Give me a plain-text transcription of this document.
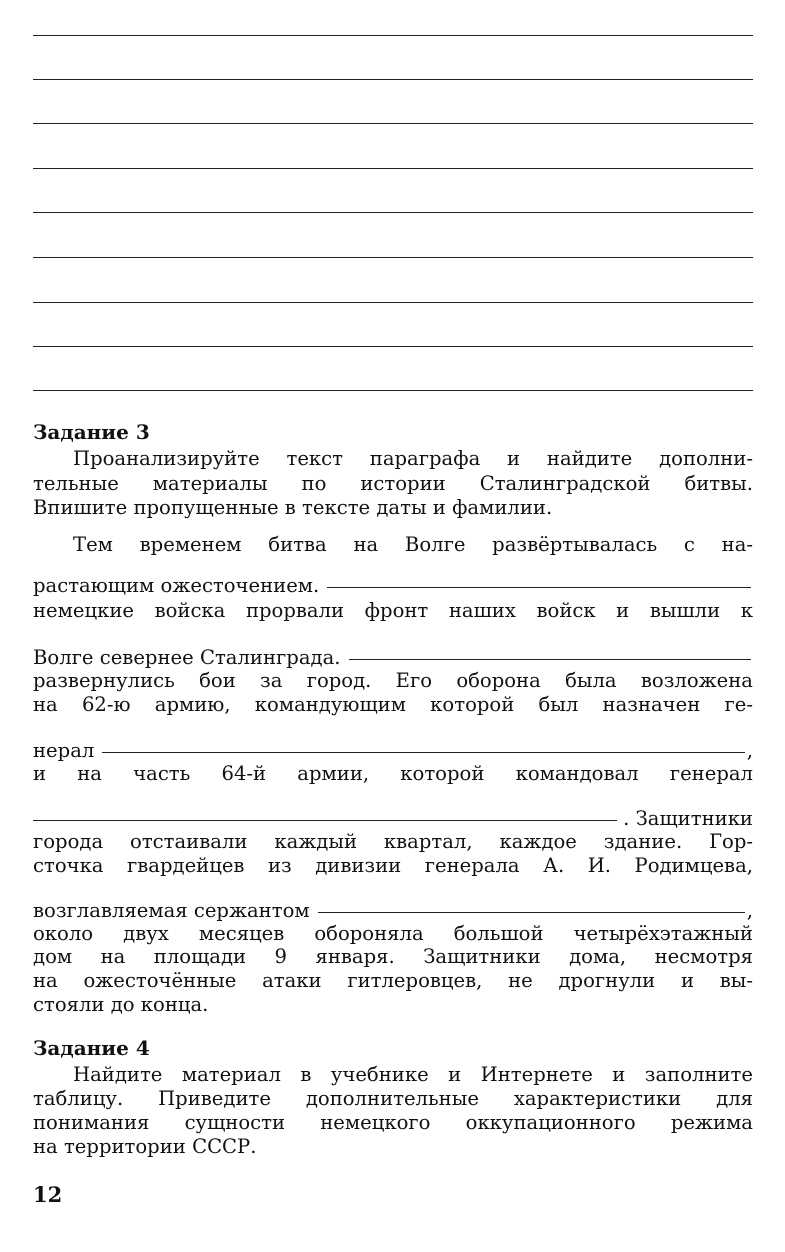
Задание 3

Проанализируйте текст параграфа и найдите дополни-

тельные материалы по истории Сталинградской битвы.

Впишите пропущенные в тексте даты и фамилии.

Тем временем битва на Волге развёртывалась с на-

растающим ожесточением.

немецкие войска прорвали фронт наших войск и вышли к

Волге севернее Сталинграда.

развернулись бои за город. Его оборона была возложена

на 62-ю армию, командующим которой был назначен ге-

нерал	,

и на часть 64-й армии, которой командовал генерал

. Защитники

города отстаивали каждый квартал, каждое здание. Гор-

сточка гвардейцев из дивизии генерала А. И. Родимцева,

возглавляемая сержантом	,

около двух месяцев обороняла большой четырёхэтажный

дом на площади 9 января. Защитники дома, несмотря

на ожесточённые атаки гитлеровцев, не дрогнули и вы-

стояли до конца.

Задание 4

Найдите материал в учебнике и Интернете и заполните

таблицу. Приведите дополнительные характеристики для

понимания сущности немецкого оккупационного режима

на территории СССР.

12
